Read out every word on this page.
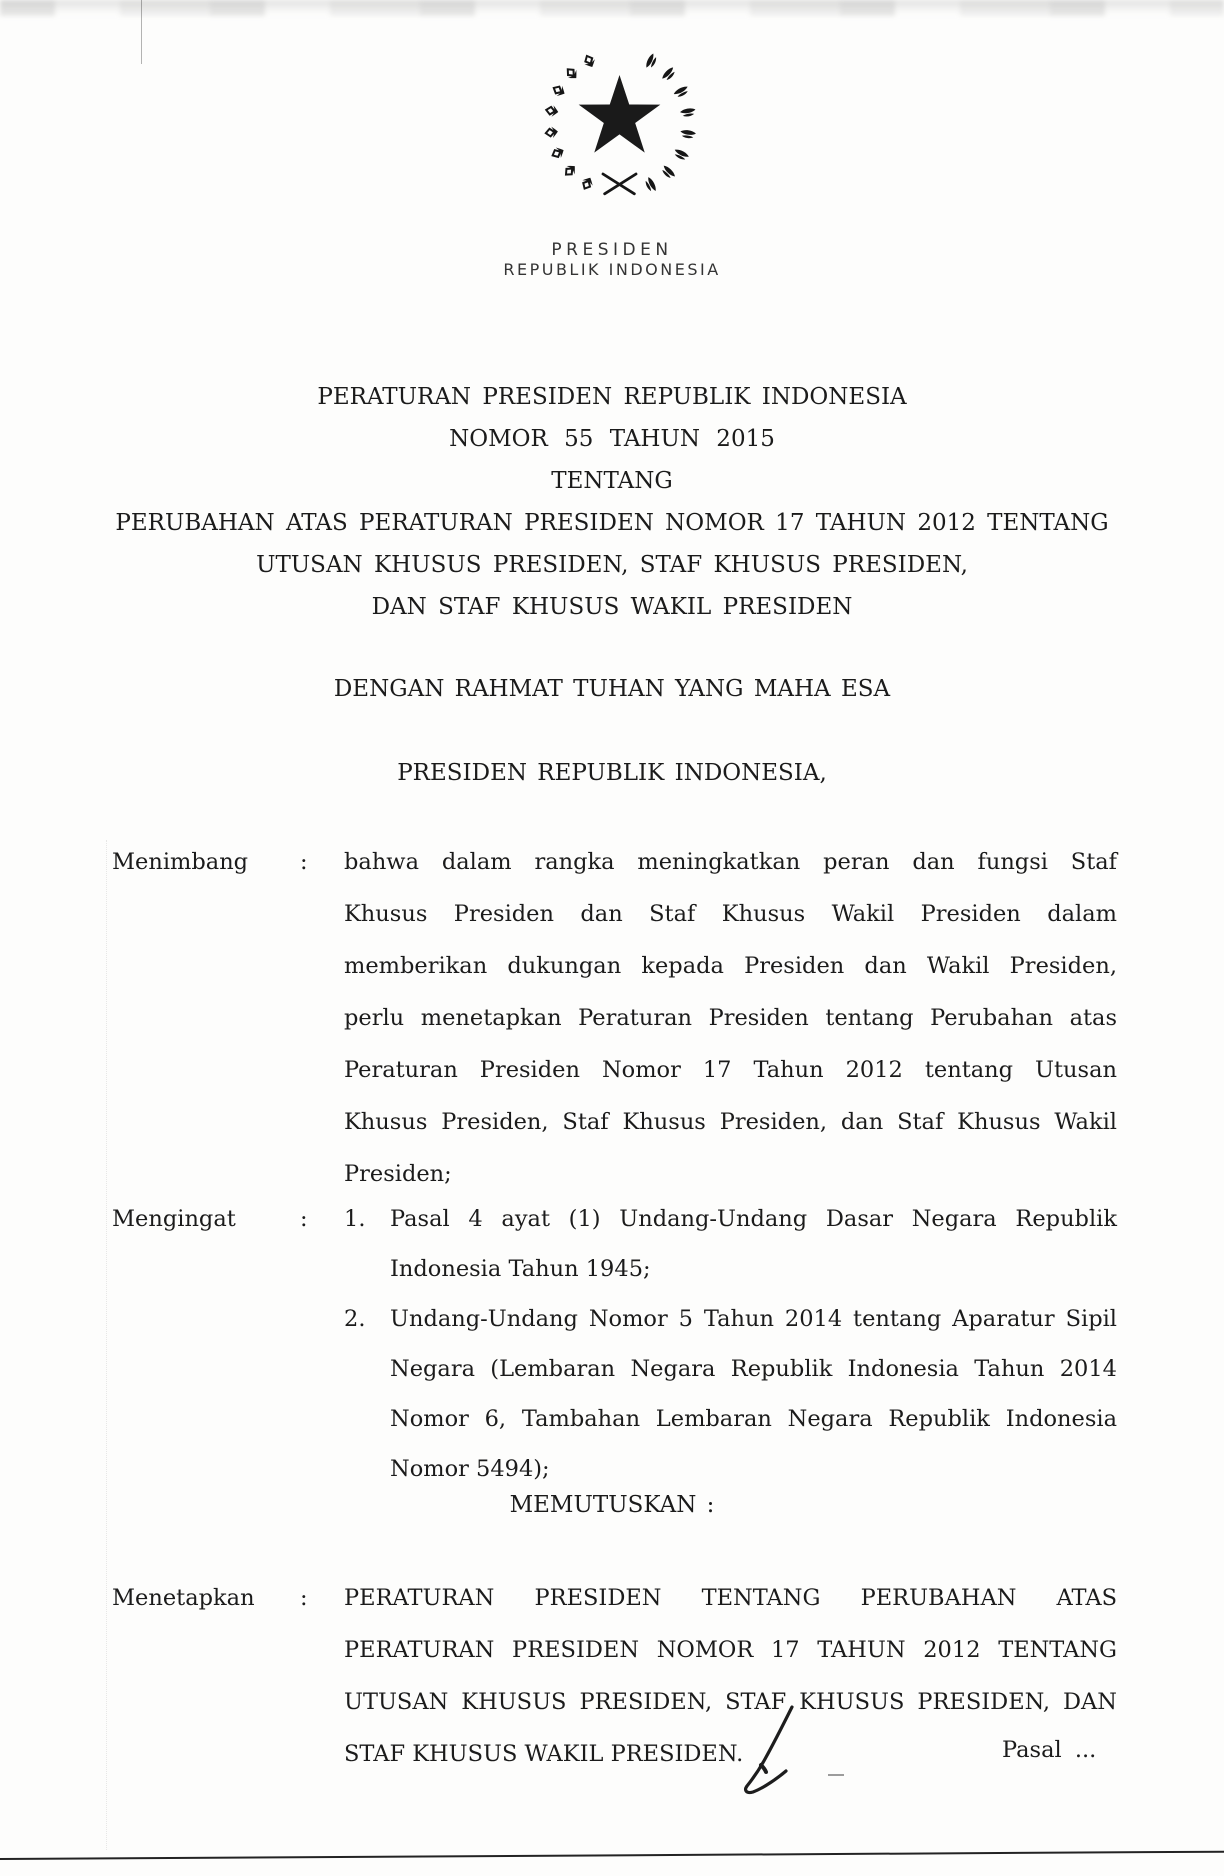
PRESIDEN
REPUBLIK INDONESIA
PERATURAN PRESIDEN REPUBLIK INDONESIA
NOMOR 55 TAHUN 2015
TENTANG
PERUBAHAN ATAS PERATURAN PRESIDEN NOMOR 17 TAHUN 2012 TENTANG
UTUSAN KHUSUS PRESIDEN, STAF KHUSUS PRESIDEN,
DAN STAF KHUSUS WAKIL PRESIDEN
DENGAN RAHMAT TUHAN YANG MAHA ESA
PRESIDEN REPUBLIK INDONESIA,
Menimbang	:	bahwa dalam rangka meningkatkan peran dan fungsi Staf
Khusus Presiden dan Staf Khusus Wakil Presiden dalam
memberikan dukungan kepada Presiden dan Wakil Presiden,
perlu menetapkan Peraturan Presiden tentang Perubahan atas
Peraturan Presiden Nomor 17 Tahun 2012 tentang Utusan
Khusus Presiden, Staf Khusus Presiden, dan Staf Khusus Wakil
Presiden;
Mengingat	:	1.	Pasal 4 ayat (1) Undang-Undang Dasar Negara Republik
Indonesia Tahun 1945;
2.	Undang-Undang Nomor 5 Tahun 2014 tentang Aparatur Sipil
Negara (Lembaran Negara Republik Indonesia Tahun 2014
Nomor 6, Tambahan Lembaran Negara Republik Indonesia
Nomor 5494);
MEMUTUSKAN :
Menetapkan	:	PERATURAN PRESIDEN TENTANG PERUBAHAN ATAS
PERATURAN PRESIDEN NOMOR 17 TAHUN 2012 TENTANG
UTUSAN KHUSUS PRESIDEN, STAF KHUSUS PRESIDEN, DAN
STAF KHUSUS WAKIL PRESIDEN.	Pasal ...
